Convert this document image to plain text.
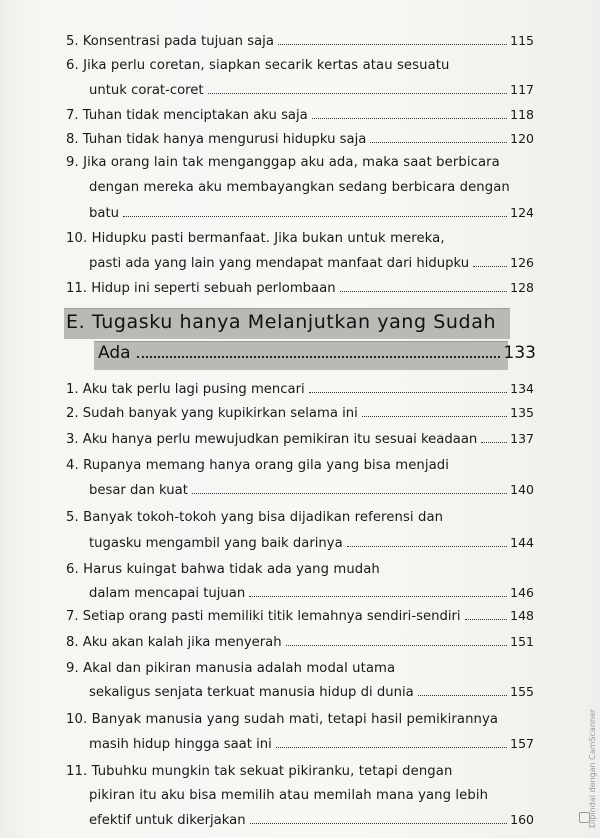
5. Konsentrasi pada tujuan saja	115
6. Jika perlu coretan, siapkan secarik kertas atau sesuatu
untuk corat-coret	117
7. Tuhan tidak menciptakan aku saja	118
8. Tuhan tidak hanya mengurusi hidupku saja	120
9. Jika orang lain tak menganggap aku ada, maka saat berbicara
dengan mereka aku membayangkan sedang berbicara dengan
batu	124
10. Hidupku pasti bermanfaat. Jika bukan untuk mereka,
pasti ada yang lain yang mendapat manfaat dari hidupku	126
11. Hidup ini seperti sebuah perlombaan	128
E. Tugasku hanya Melanjutkan yang Sudah
Ada	133
1. Aku tak perlu lagi pusing mencari	134
2. Sudah banyak yang kupikirkan selama ini	135
3. Aku hanya perlu mewujudkan pemikiran itu sesuai keadaan	137
4. Rupanya memang hanya orang gila yang bisa menjadi
besar dan kuat	140
5. Banyak tokoh-tokoh yang bisa dijadikan referensi dan
tugasku mengambil yang baik darinya	144
6. Harus kuingat bahwa tidak ada yang mudah
dalam mencapai tujuan	146
7. Setiap orang pasti memiliki titik lemahnya sendiri-sendiri	148
8. Aku akan kalah jika menyerah	151
9. Akal dan pikiran manusia adalah modal utama
sekaligus senjata terkuat manusia hidup di dunia	155
10. Banyak manusia yang sudah mati, tetapi hasil pemikirannya
masih hidup hingga saat ini	157
11. Tubuhku mungkin tak sekuat pikiranku, tetapi dengan
pikiran itu aku bisa memilih atau memilah mana yang lebih
efektif untuk dikerjakan	160	Dipindai dengan CamScanner
